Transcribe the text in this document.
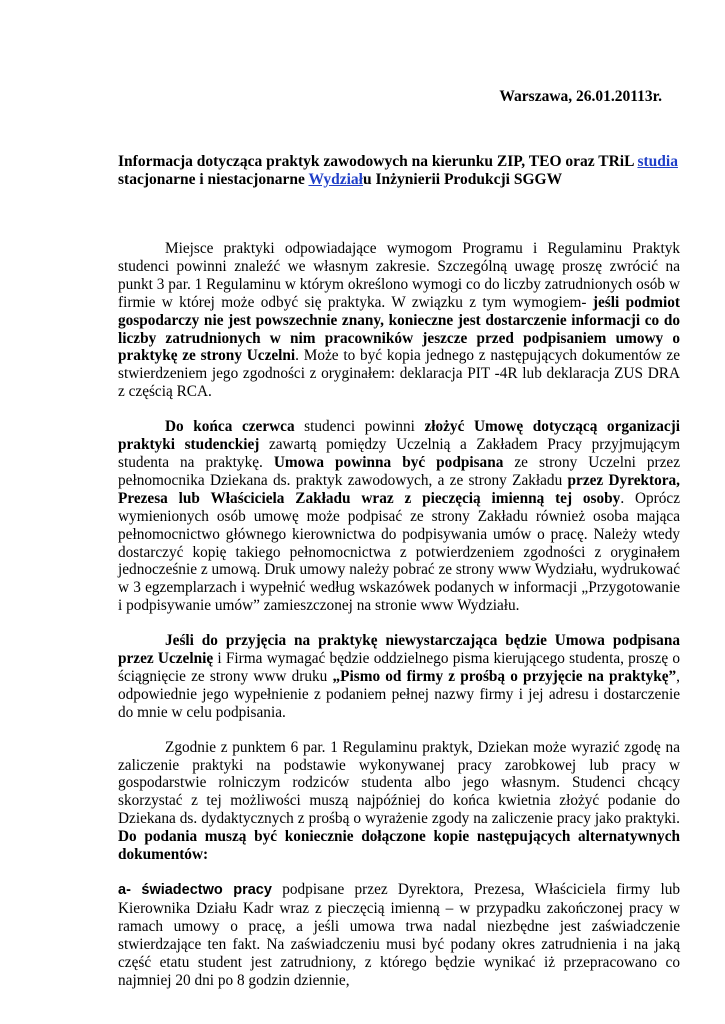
Warszawa, 26.01.20113r.
Informacja dotycząca praktyk zawodowych na kierunku ZIP, TEO oraz TRiL studia
stacjonarne i niestacjonarne Wydziału Inżynierii Produkcji SGGW

Miejsce praktyki odpowiadające wymogom Programu i Regulaminu Praktyk studenci powinni znaleźć we własnym zakresie. Szczególną uwagę proszę zwrócić na punkt 3 par. 1 Regulaminu w którym określono wymogi co do liczby zatrudnionych osób w firmie w której może odbyć się praktyka. W związku z tym wymogiem- jeśli podmiot gospodarczy nie jest powszechnie znany, konieczne jest dostarczenie informacji co do liczby zatrudnionych w nim pracowników jeszcze przed podpisaniem umowy o praktykę ze strony Uczelni. Może to być kopia jednego z następujących dokumentów ze stwierdzeniem jego zgodności z oryginałem: deklaracja PIT -4R lub deklaracja ZUS DRA z częścią RCA.

Do końca czerwca studenci powinni złożyć Umowę dotyczącą organizacji praktyki studenckiej zawartą pomiędzy Uczelnią a Zakładem Pracy przyjmującym studenta na praktykę. Umowa powinna być podpisana ze strony Uczelni przez pełnomocnika Dziekana ds. praktyk zawodowych, a ze strony Zakładu przez Dyrektora, Prezesa lub Właściciela Zakładu wraz z pieczęcią imienną tej osoby. Oprócz wymienionych osób umowę może podpisać ze strony Zakładu również osoba mająca pełnomocnictwo głównego kierownictwa do podpisywania umów o pracę. Należy wtedy dostarczyć kopię takiego pełnomocnictwa z potwierdzeniem zgodności z oryginałem jednocześnie z umową. Druk umowy należy pobrać ze strony www Wydziału, wydrukować w 3 egzemplarzach i wypełnić według wskazówek podanych w informacji „Przygotowanie i podpisywanie umów” zamieszczonej na stronie www Wydziału.

Jeśli do przyjęcia na praktykę niewystarczająca będzie Umowa podpisana przez Uczelnię i Firma wymagać będzie oddzielnego pisma kierującego studenta, proszę o ściągnięcie ze strony www druku „Pismo od firmy z prośbą o przyjęcie na praktykę”, odpowiednie jego wypełnienie z podaniem pełnej nazwy firmy i jej adresu i dostarczenie do mnie w celu podpisania.

Zgodnie z punktem 6 par. 1 Regulaminu praktyk, Dziekan może wyrazić zgodę na zaliczenie praktyki na podstawie wykonywanej pracy zarobkowej lub pracy w gospodarstwie rolniczym rodziców studenta albo jego własnym. Studenci chcący skorzystać z tej możliwości muszą najpóźniej do końca kwietnia złożyć podanie do Dziekana ds. dydaktycznych z prośbą o wyrażenie zgody na zaliczenie pracy jako praktyki. Do podania muszą być koniecznie dołączone kopie następujących alternatywnych dokumentów:

a- świadectwo pracy podpisane przez Dyrektora, Prezesa, Właściciela firmy lub Kierownika Działu Kadr wraz z pieczęcią imienną – w przypadku zakończonej pracy w ramach umowy o pracę, a jeśli umowa trwa nadal niezbędne jest zaświadczenie stwierdzające ten fakt. Na zaświadczeniu musi być podany okres zatrudnienia i na jaką część etatu student jest zatrudniony, z którego będzie wynikać iż przepracowano co najmniej 20 dni po 8 godzin dziennie,
